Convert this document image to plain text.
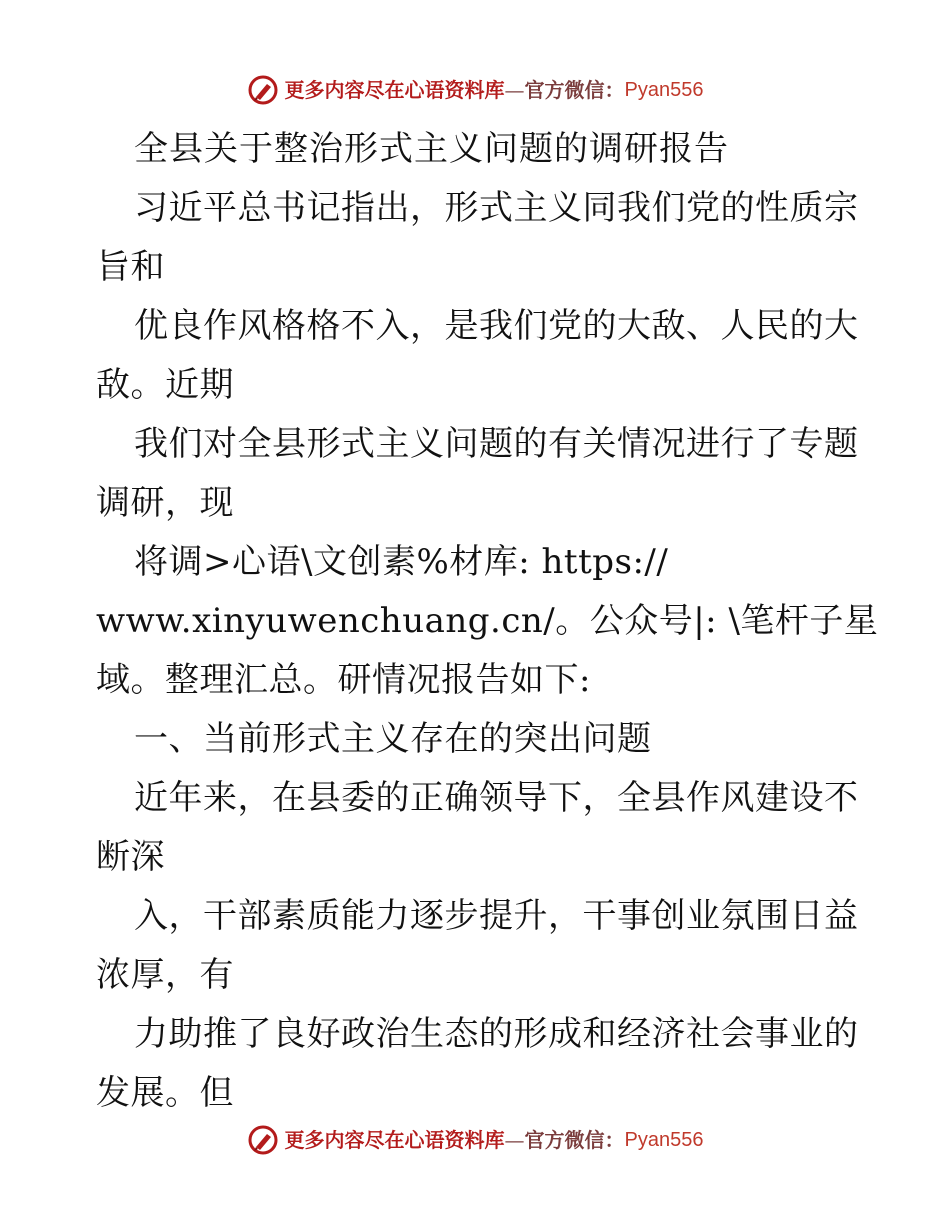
更多内容尽在心语资料库 — 官方微信： Pyan556
全县关于整治形式主义问题的调研报告
习近平总书记指出，形式主义同我们党的性质宗
旨和
优良作风格格不入，是我们党的大敌、人民的大
敌。近期
我们对全县形式主义问题的有关情况进行了专题
调研，现
将调>心语\文创素%材库: https://
www.xinyuwenchuang.cn/。公众号|: \笔杆子星
域。整理汇总。研情况报告如下:
一、当前形式主义存在的突出问题
近年来，在县委的正确领导下，全县作风建设不
断深
入，干部素质能力逐步提升，干事创业氛围日益
浓厚，有
力助推了良好政治生态的形成和经济社会事业的
发展。但
更多内容尽在心语资料库 — 官方微信： Pyan556
